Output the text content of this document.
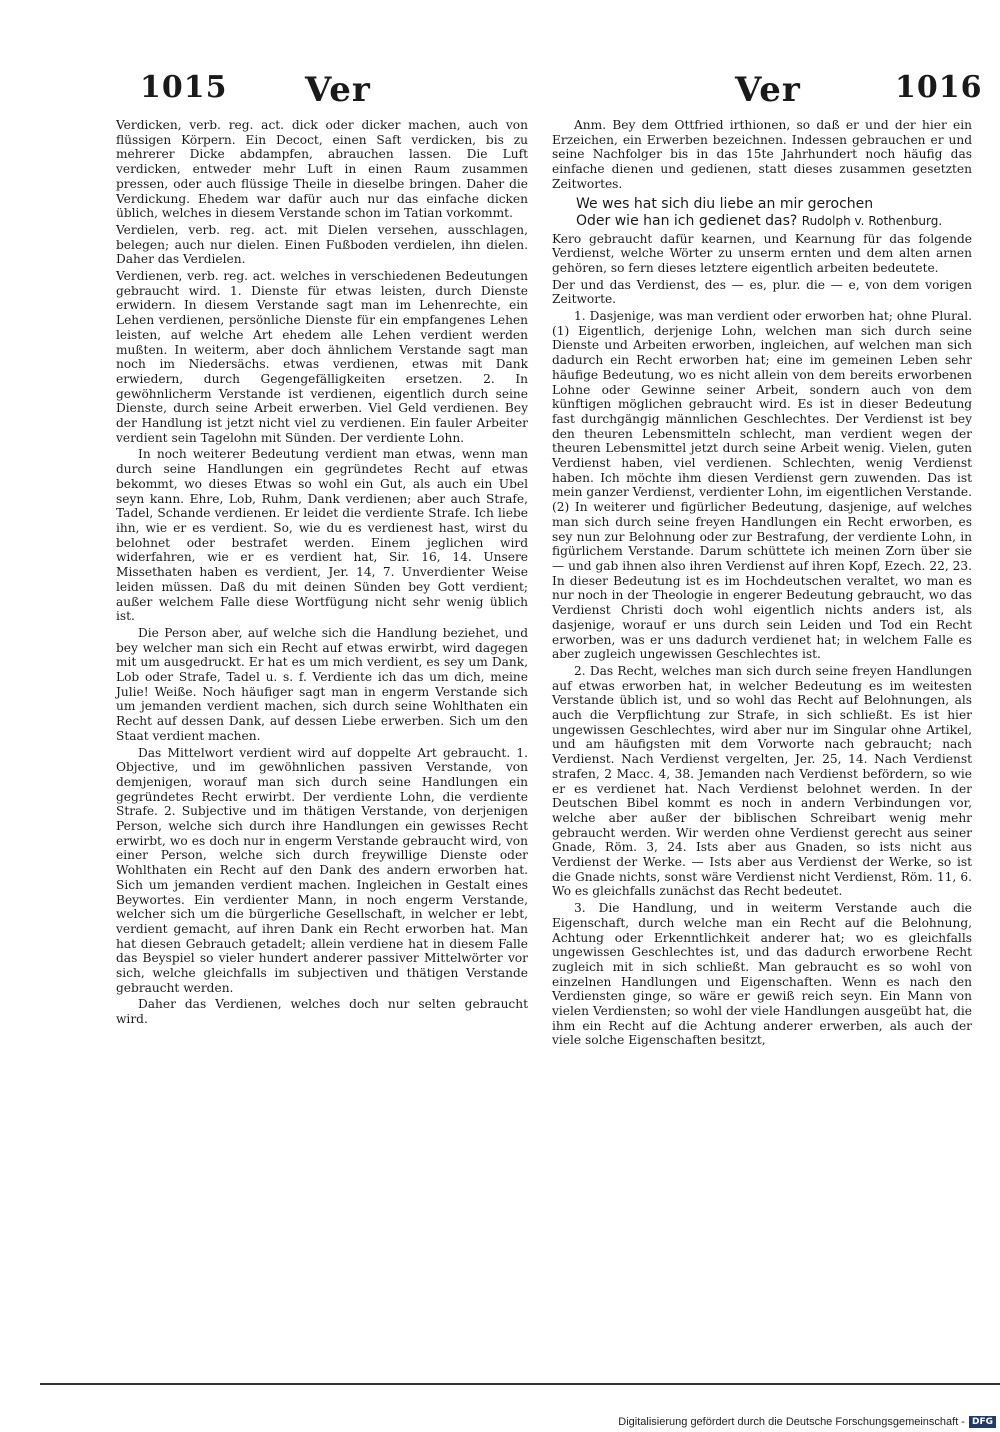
1015 Ver	Ver	1016

Verdicken, verb. reg. act. dick oder dicker machen, auch von flüssigen Körpern. Ein Decoct, einen Saft verdicken, bis zu mehrerer Dicke abdampfen, abrauchen lassen. Die Luft verdicken, entweder mehr Luft in einen Raum zusammen pressen, oder auch flüssige Theile in dieselbe bringen. Daher die Verdickung. Ehedem war dafür auch nur das einfache dicken üblich, welches in diesem Verstande schon im Tatian vorkommt.

Verdielen, verb. reg. act. mit Dielen versehen, ausschlagen, belegen; auch nur dielen. Einen Fußboden verdielen, ihn dielen. Daher das Verdielen.

Verdienen, verb. reg. act. welches in verschiedenen Bedeutungen gebraucht wird. 1. Dienste für etwas leisten, durch Dienste erwidern. In diesem Verstande sagt man im Lehenrechte, ein Lehen verdienen, persönliche Dienste für ein empfangenes Lehen leisten, auf welche Art ehedem alle Lehen verdient werden mußten. In weiterm, aber doch ähnlichem Verstande sagt man noch im Niedersächs. etwas verdienen, etwas mit Dank erwiedern, durch Gegengefälligkeiten ersetzen. 2. In gewöhnlicherm Verstande ist verdienen, eigentlich durch seine Dienste, durch seine Arbeit erwerben. Viel Geld verdienen. Bey der Handlung ist jetzt nicht viel zu verdienen. Ein fauler Arbeiter verdient sein Tagelohn mit Sünden. Der verdiente Lohn.

In noch weiterer Bedeutung verdient man etwas, wenn man durch seine Handlungen ein gegründetes Recht auf etwas bekommt, wo dieses Etwas so wohl ein Gut, als auch ein Ubel seyn kann. Ehre, Lob, Ruhm, Dank verdienen; aber auch Strafe, Tadel, Schande verdienen. Er leidet die verdiente Strafe. Ich liebe ihn, wie er es verdient. So, wie du es verdienest hast, wirst du belohnet oder bestrafet werden. Einem jeglichen wird widerfahren, wie er es verdient hat, Sir. 16, 14. Unsere Missethaten haben es verdient, Jer. 14, 7. Unverdienter Weise leiden müssen. Daß du mit deinen Sünden bey Gott verdient; außer welchem Falle diese Wortfügung nicht sehr wenig üblich ist.

Die Person aber, auf welche sich die Handlung beziehet, und bey welcher man sich ein Recht auf etwas erwirbt, wird dagegen mit um ausgedruckt. Er hat es um mich verdient, es sey um Dank, Lob oder Strafe, Tadel u. s. f. Verdiente ich das um dich, meine Julie! Weiße. Noch häufiger sagt man in engerm Verstande sich um jemanden verdient machen, sich durch seine Wohlthaten ein Recht auf dessen Dank, auf dessen Liebe erwerben. Sich um den Staat verdient machen.

Das Mittelwort verdient wird auf doppelte Art gebraucht. 1. Objective, und im gewöhnlichen passiven Verstande, von demjenigen, worauf man sich durch seine Handlungen ein gegründetes Recht erwirbt. Der verdiente Lohn, die verdiente Strafe. 2. Subjective und im thätigen Verstande, von derjenigen Person, welche sich durch ihre Handlungen ein gewisses Recht erwirbt, wo es doch nur in engerm Verstande gebraucht wird, von einer Person, welche sich durch freywillige Dienste oder Wohlthaten ein Recht auf den Dank des andern erworben hat. Sich um jemanden verdient machen. Ingleichen in Gestalt eines Beywortes. Ein verdienter Mann, in noch engerm Verstande, welcher sich um die bürgerliche Gesellschaft, in welcher er lebt, verdient gemacht, auf ihren Dank ein Recht erworben hat. Man hat diesen Gebrauch getadelt; allein verdiene hat in diesem Falle das Beyspiel so vieler hundert anderer passiver Mittelwörter vor sich, welche gleichfalls im subjectiven und thätigen Verstande gebraucht werden.

Daher das Verdienen, welches doch nur selten gebraucht wird.

Anm. Bey dem Ottfried irthionen, so daß er und der hier ein Erzeichen, ein Erwerben bezeichnen. Indessen gebrauchen er und seine Nachfolger bis in das 15te Jahrhundert noch häufig das einfache dienen und gedienen, statt dieses zusammen gesetzten Zeitwortes.

We wes hat sich diu liebe an mir gerochen
Oder wie han ich gedienet das? Rudolph v. Rothenburg.

Kero gebraucht dafür kearnen, und Kearnung für das folgende Verdienst, welche Wörter zu unserm ernten und dem alten arnen gehören, so fern dieses letztere eigentlich arbeiten bedeutete.

Der und das Verdienst, des — es, plur. die — e, von dem vorigen Zeitworte.

1. Dasjenige, was man verdient oder erworben hat; ohne Plural. (1) Eigentlich, derjenige Lohn, welchen man sich durch seine Dienste und Arbeiten erworben, ingleichen, auf welchen man sich dadurch ein Recht erworben hat; eine im gemeinen Leben sehr häufige Bedeutung, wo es nicht allein von dem bereits erworbenen Lohne oder Gewinne seiner Arbeit, sondern auch von dem künftigen möglichen gebraucht wird. Es ist in dieser Bedeutung fast durchgängig männlichen Geschlechtes. Der Verdienst ist bey den theuren Lebensmitteln schlecht, man verdient wegen der theuren Lebensmittel jetzt durch seine Arbeit wenig. Vielen, guten Verdienst haben, viel verdienen. Schlechten, wenig Verdienst haben. Ich möchte ihm diesen Verdienst gern zuwenden. Das ist mein ganzer Verdienst, verdienter Lohn, im eigentlichen Verstande. (2) In weiterer und figürlicher Bedeutung, dasjenige, auf welches man sich durch seine freyen Handlungen ein Recht erworben, es sey nun zur Belohnung oder zur Bestrafung, der verdiente Lohn, in figürlichem Verstande. Darum schüttete ich meinen Zorn über sie — und gab ihnen also ihren Verdienst auf ihren Kopf, Ezech. 22, 23. In dieser Bedeutung ist es im Hochdeutschen veraltet, wo man es nur noch in der Theologie in engerer Bedeutung gebraucht, wo das Verdienst Christi doch wohl eigentlich nichts anders ist, als dasjenige, worauf er uns durch sein Leiden und Tod ein Recht erworben, was er uns dadurch verdienet hat; in welchem Falle es aber zugleich ungewissen Geschlechtes ist.

2. Das Recht, welches man sich durch seine freyen Handlungen auf etwas erworben hat, in welcher Bedeutung es im weitesten Verstande üblich ist, und so wohl das Recht auf Belohnungen, als auch die Verpflichtung zur Strafe, in sich schließt. Es ist hier ungewissen Geschlechtes, wird aber nur im Singular ohne Artikel, und am häufigsten mit dem Vorworte nach gebraucht; nach Verdienst. Nach Verdienst vergelten, Jer. 25, 14. Nach Verdienst strafen, 2 Macc. 4, 38. Jemanden nach Verdienst befördern, so wie er es verdienet hat. Nach Verdienst belohnet werden. In der Deutschen Bibel kommt es noch in andern Verbindungen vor, welche aber außer der biblischen Schreibart wenig mehr gebraucht werden. Wir werden ohne Verdienst gerecht aus seiner Gnade, Röm. 3, 24. Ists aber aus Gnaden, so ists nicht aus Verdienst der Werke. — Ists aber aus Verdienst der Werke, so ist die Gnade nichts, sonst wäre Verdienst nicht Verdienst, Röm. 11, 6. Wo es gleichfalls zunächst das Recht bedeutet.

3. Die Handlung, und in weiterm Verstande auch die Eigenschaft, durch welche man ein Recht auf die Belohnung, Achtung oder Erkenntlichkeit anderer hat; wo es gleichfalls ungewissen Geschlechtes ist, und das dadurch erworbene Recht zugleich mit in sich schließt. Man gebraucht es so wohl von einzelnen Handlungen und Eigenschaften. Wenn es nach den Verdiensten ginge, so wäre er gewiß reich seyn. Ein Mann von vielen Verdiensten; so wohl der viele Handlungen ausgeübt hat, die ihm ein Recht auf die Achtung anderer erwerben, als auch der viele solche Eigenschaften besitzt,

Digitalisierung gefördert durch die Deutsche Forschungsgemeinschaft - DFG
